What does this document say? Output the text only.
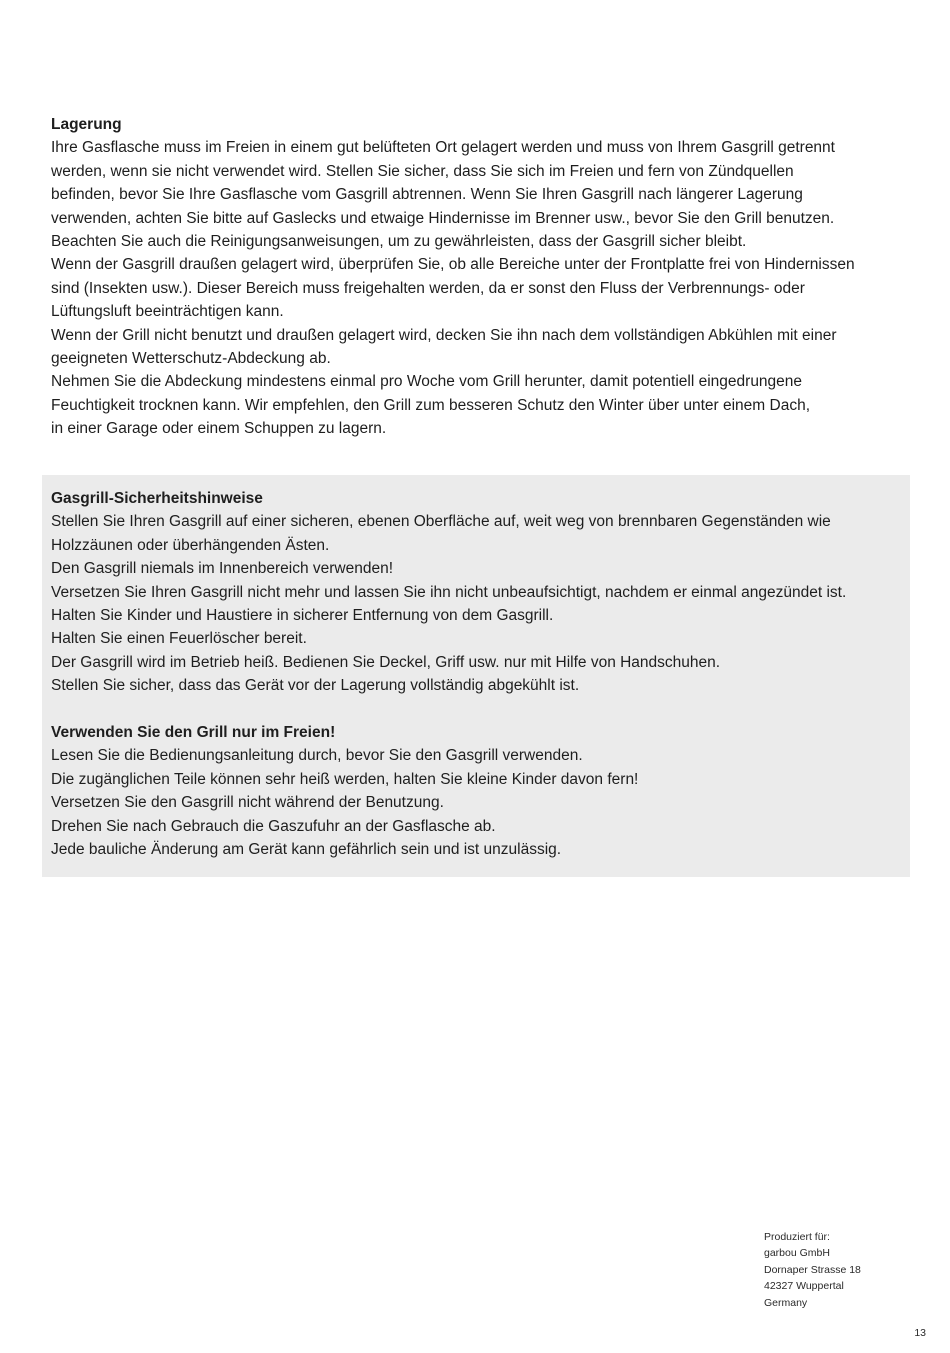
Lagerung

Ihre Gasflasche muss im Freien in einem gut belüfteten Ort gelagert werden und muss von Ihrem Gasgrill getrennt

werden, wenn sie nicht verwendet wird. Stellen Sie sicher, dass Sie sich im Freien und fern von Zündquellen

befinden, bevor Sie Ihre Gasflasche vom Gasgrill abtrennen. Wenn Sie Ihren Gasgrill nach längerer Lagerung

verwenden, achten Sie bitte auf Gaslecks und etwaige Hindernisse im Brenner usw., bevor Sie den Grill benutzen.

Beachten Sie auch die Reinigungsanweisungen, um zu gewährleisten, dass der Gasgrill sicher bleibt.

Wenn der Gasgrill draußen gelagert wird, überprüfen Sie, ob alle Bereiche unter der Frontplatte frei von Hindernissen

sind (Insekten usw.). Dieser Bereich muss freigehalten werden, da er sonst den Fluss der Verbrennungs- oder

Lüftungsluft beeinträchtigen kann.

Wenn der Grill nicht benutzt und draußen gelagert wird, decken Sie ihn nach dem vollständigen Abkühlen mit einer

geeigneten Wetterschutz-Abdeckung ab.

Nehmen Sie die Abdeckung mindestens einmal pro Woche vom Grill herunter, damit potentiell eingedrungene

Feuchtigkeit trocknen kann. Wir empfehlen, den Grill zum besseren Schutz den Winter über unter einem Dach,

in einer Garage oder einem Schuppen zu lagern.

Gasgrill-Sicherheitshinweise

Stellen Sie Ihren Gasgrill auf einer sicheren, ebenen Oberfläche auf, weit weg von brennbaren Gegenständen wie

Holzzäunen oder überhängenden Ästen.

Den Gasgrill niemals im Innenbereich verwenden!

Versetzen Sie Ihren Gasgrill nicht mehr und lassen Sie ihn nicht unbeaufsichtigt, nachdem er einmal angezündet ist.

Halten Sie Kinder und Haustiere in sicherer Entfernung von dem Gasgrill.

Halten Sie einen Feuerlöscher bereit.

Der Gasgrill wird im Betrieb heiß. Bedienen Sie Deckel, Griff usw. nur mit Hilfe von Handschuhen.

Stellen Sie sicher, dass das Gerät vor der Lagerung vollständig abgekühlt ist.

Verwenden Sie den Grill nur im Freien!

Lesen Sie die Bedienungsanleitung durch, bevor Sie den Gasgrill verwenden.

Die zugänglichen Teile können sehr heiß werden, halten Sie kleine Kinder davon fern!

Versetzen Sie den Gasgrill nicht während der Benutzung.

Drehen Sie nach Gebrauch die Gaszufuhr an der Gasflasche ab.

Jede bauliche Änderung am Gerät kann gefährlich sein und ist unzulässig.

Produziert für:
garbou GmbH
Dornaper Strasse 18
42327 Wuppertal
Germany
13
